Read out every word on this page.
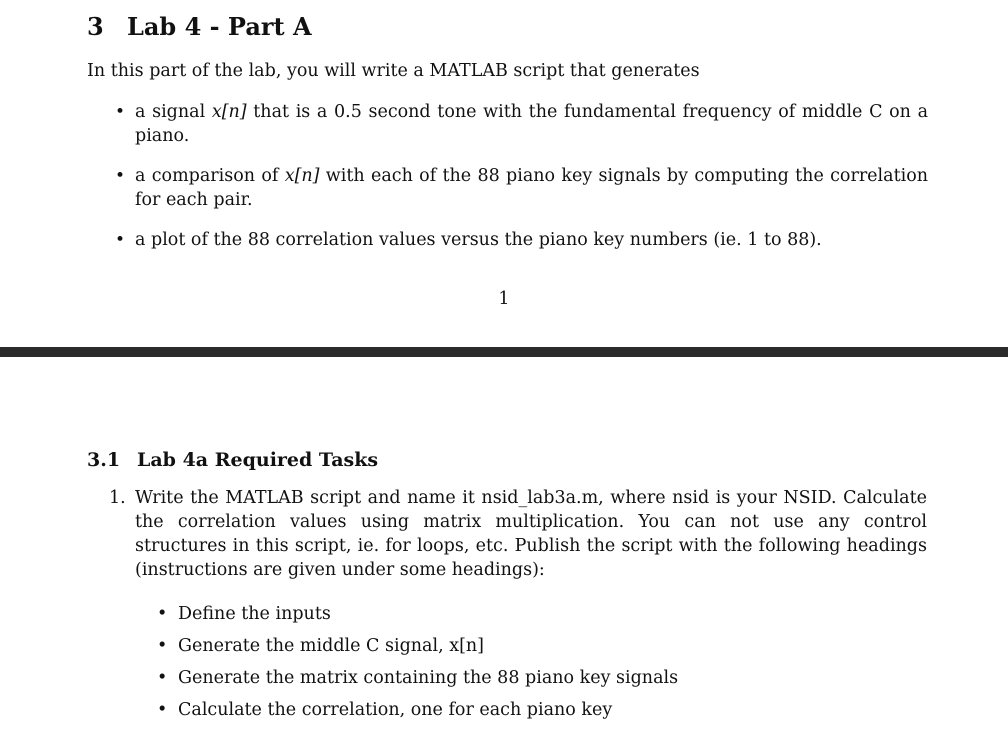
3 Lab 4 - Part A
In this part of the lab, you will write a MATLAB script that generates
• a signal x[n] that is a 0.5 second tone with the fundamental frequency of middle C on a piano.
• a comparison of x[n] with each of the 88 piano key signals by computing the correlation for each pair.
• a plot of the 88 correlation values versus the piano key numbers (ie. 1 to 88).
1
3.1 Lab 4a Required Tasks
1. Write the MATLAB script and name it nsid_lab3a.m, where nsid is your NSID. Calculate the correlation values using matrix multiplication. You can not use any control structures in this script, ie. for loops, etc. Publish the script with the following headings (instructions are given under some headings):
• Define the inputs
• Generate the middle C signal, x[n]
• Generate the matrix containing the 88 piano key signals
• Calculate the correlation, one for each piano key
